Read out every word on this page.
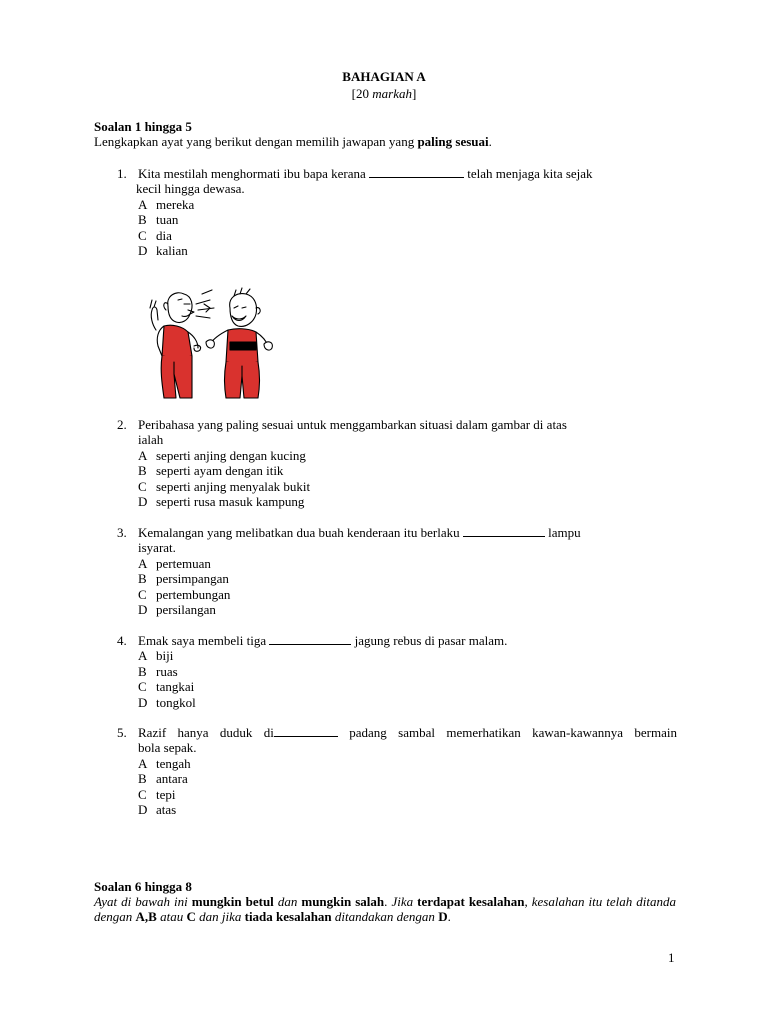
BAHAGIAN A
[20 markah]
Soalan 1 hingga 5
Lengkapkan ayat yang berikut dengan memilih jawapan yang paling sesuai.
1. Kita mestilah menghormati ibu bapa kerana	telah menjaga kita sejak
kecil hingga dewasa.
A mereka
B tuan
C dia
D kalian
2. Peribahasa yang paling sesuai untuk menggambarkan situasi dalam gambar di atas
ialah
A seperti anjing dengan kucing
B seperti ayam dengan itik
C seperti anjing menyalak bukit
D seperti rusa masuk kampung
3. Kemalangan yang melibatkan dua buah kenderaan itu berlaku	lampu
isyarat.
A pertemuan
B persimpangan
C pertembungan
D persilangan
4. Emak saya membeli tiga	jagung rebus di pasar malam.
A biji
B ruas
C tangkai
D tongkol
5. Razif hanya duduk di	padang sambal memerhatikan kawan-kawannya bermain
bola sepak.
A tengah
B antara
C tepi
D atas
Soalan 6 hingga 8
Ayat di bawah ini mungkin betul dan mungkin salah. Jika terdapat kesalahan, kesalahan itu telah ditanda dengan A,B atau C dan jika tiada kesalahan ditandakan dengan D.
1
